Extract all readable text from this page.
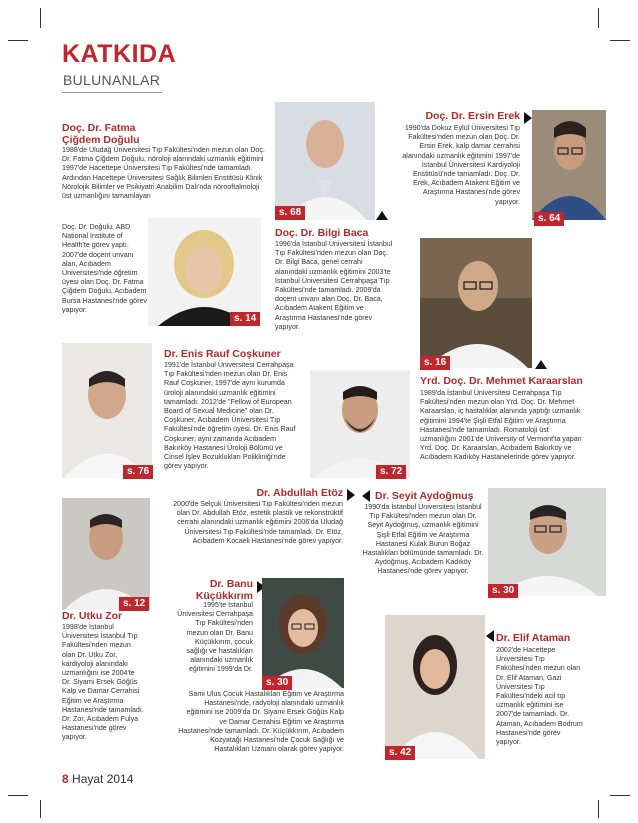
KATKIDA
BULUNANLAR
Doç. Dr. Fatma
Çiğdem Doğulu

1988'de Uludağ Üniversitesi Tıp Fakültesi'nden mezun olan Doç. Dr. Fatma Çiğdem Doğulu, nöroloji alanındaki uzmanlık eğitimini 1997'de Hacettepe Üniversitesi Tıp Fakültesi'nde tamamladı. Ardından Hacettepe Üniversitesi Sağlık Bilimleri Enstitüsü Klinik Nörolojik Bilimler ve Psikiyatri Anabilim Dalı'nda nörooftalmoloji üst uzmanlığını tamamlayan

Doç. Dr. Doğulu, ABD National Institute of Health'te görev yaptı. 2007'de doçent unvanı alan, Acıbadem Üniversitesi'nde öğretim üyesi olan Doç. Dr. Fatma Çiğdem Doğulu, Acıbadem Bursa Hastanesi'nde görev yapıyor.

s. 14
s. 68
Doç. Dr. Bilgi Baca

1996'da İstanbul Üniversitesi İstanbul Tıp Fakültesi'nden mezun olan Doç. Dr. Bilgi Baca, genel cerrahi alanındaki uzmanlık eğitimini 2003'te İstanbul Üniversitesi Cerrahpaşa Tıp Fakültesi'nde tamamladı. 2009'da doçent unvanı alan Doç. Dr. Baca, Acıbadem Atakent Eğitim ve Araştırma Hastanesi'nde görev yapıyor.

Doç. Dr. Ersin Erek

1990'da Dokuz Eylül Üniversitesi Tıp Fakültesi'nden mezun olan Doç. Dr. Ersin Erek, kalp damar cerrahisi alanındaki uzmanlık eğitimini 1997'de İstanbul Üniversitesi Kardiyoloji Enstitüsü'nde tamamladı. Doç. Dr. Erek, Acıbadem Atakent Eğitim ve Araştırma Hastanesi'nde görev yapıyor.

s. 64
s. 16
Yrd. Doç. Dr. Mehmet Karaarslan

1989'da İstanbul Üniversitesi Cerrahpaşa Tıp Fakültesi'nden mezun olan Yrd. Doç. Dr. Mehmet Karaarslan, iç hastalıklar alanında yaptığı uzmanlık eğitimini 1994'te Şişli Etfal Eğitim ve Araştırma Hastanesi'nde tamamladı. Romatoloji üst uzmanlığını 2001'de University of Vermont'ta yapan Yrd. Doç. Dr. Karaarslan, Acıbadem Bakırköy ve Acıbadem Kadıköy Hastanelerinde görev yapıyor.

s. 76
Dr. Enis Rauf Coşkuner

1991'de İstanbul Üniversitesi Cerrahpaşa Tıp Fakültesi'nden mezun olan Dr. Enis Rauf Coşkuner, 1997'de aynı kurumda üroloji alanındaki uzmanlık eğitimini tamamladı. 2012'de "Fellow of European Board of Sexual Medicine" olan Dr. Coşkuner, Acıbadem Üniversitesi Tıp Fakültesi'nde öğretim üyesi. Dr. Enis Rauf Coşkuner, aynı zamanda Acıbadem Bakırköy Hastanesi Üroloji Bölümü ve Cinsel İşlev Bozuklukları Polikliniği'nde görev yapıyor.	s. 72
Dr. Abdullah Etöz

2000'de Selçuk Üniversitesi Tıp Fakültesi'nden mezun olan Dr. Abdullah Etöz, estetik plastik ve rekonstrüktif cerrahi alanındaki uzmanlık eğitimini 2006'da Uludağ Üniversitesi Tıp Fakültesi'nde tamamladı. Dr. Etöz, Acıbadem Kocaeli Hastanesi'nde görev yapıyor.

Dr. Seyit Aydoğmuş

1990'da İstanbul Üniversitesi İstanbul Tıp Fakültesi'nden mezun olan Dr. Seyit Aydoğmuş, uzmanlık eğitimini Şişli Etfal Eğitim ve Araştırma Hastanesi Kulak Burun Boğaz Hastalıkları bölümünde tamamladı. Dr. Aydoğmuş, Acıbadem Kadıköy Hastanesi'nde görev yapıyor.

s. 30
s. 12
Dr. Utku Zor

1998'de İstanbul Üniversitesi İstanbul Tıp Fakültesi'nden mezun olan Dr. Utku Zor, kardiyoloji alanındaki uzmanlığını ise 2004'te Dr. Siyami Ersek Göğüs Kalp ve Damar Cerrahisi Eğitim ve Araştırma Hastanesi'nde tamamladı. Dr. Zor, Acıbadem Fulya Hastanesi'nde görev yapıyor.

Dr. Banu
Küçükkırım

1995'te İstanbul Üniversitesi Cerrahpaşa Tıp Fakültesi'nden mezun olan Dr. Banu Küçükkırım, çocuk sağlığı ve hastalıkları alanındaki uzmanlık eğitimini 1999'da Dr.

s. 30

Sami Ulus Çocuk Hastalıkları Eğitim ve Araştırma Hastanesi'nde, radyoloji alanındaki uzmanlık eğitimini ise 2009'da Dr. Siyami Ersek Göğüs Kalp ve Damar Cerrahisi Eğitim ve Araştırma Hastanesi'nde tamamladı. Dr. Küçükkırım, Acıbadem Kozyatağı Hastanesi'nde Çocuk Sağlığı ve Hastalıkları Uzmanı olarak görev yapıyor.	s. 42
Dr. Elif Ataman

2002'de Hacettepe Üniversitesi Tıp Fakültesi'nden mezun olan Dr. Elif Ataman, Gazi Üniversitesi Tıp Fakültesi'ndeki acil tıp uzmanlık eğitimini ise 2007'de tamamladı. Dr. Ataman, Acıbadem Bodrum Hastanesi'nde görev yapıyor.

8 Hayat 2014
